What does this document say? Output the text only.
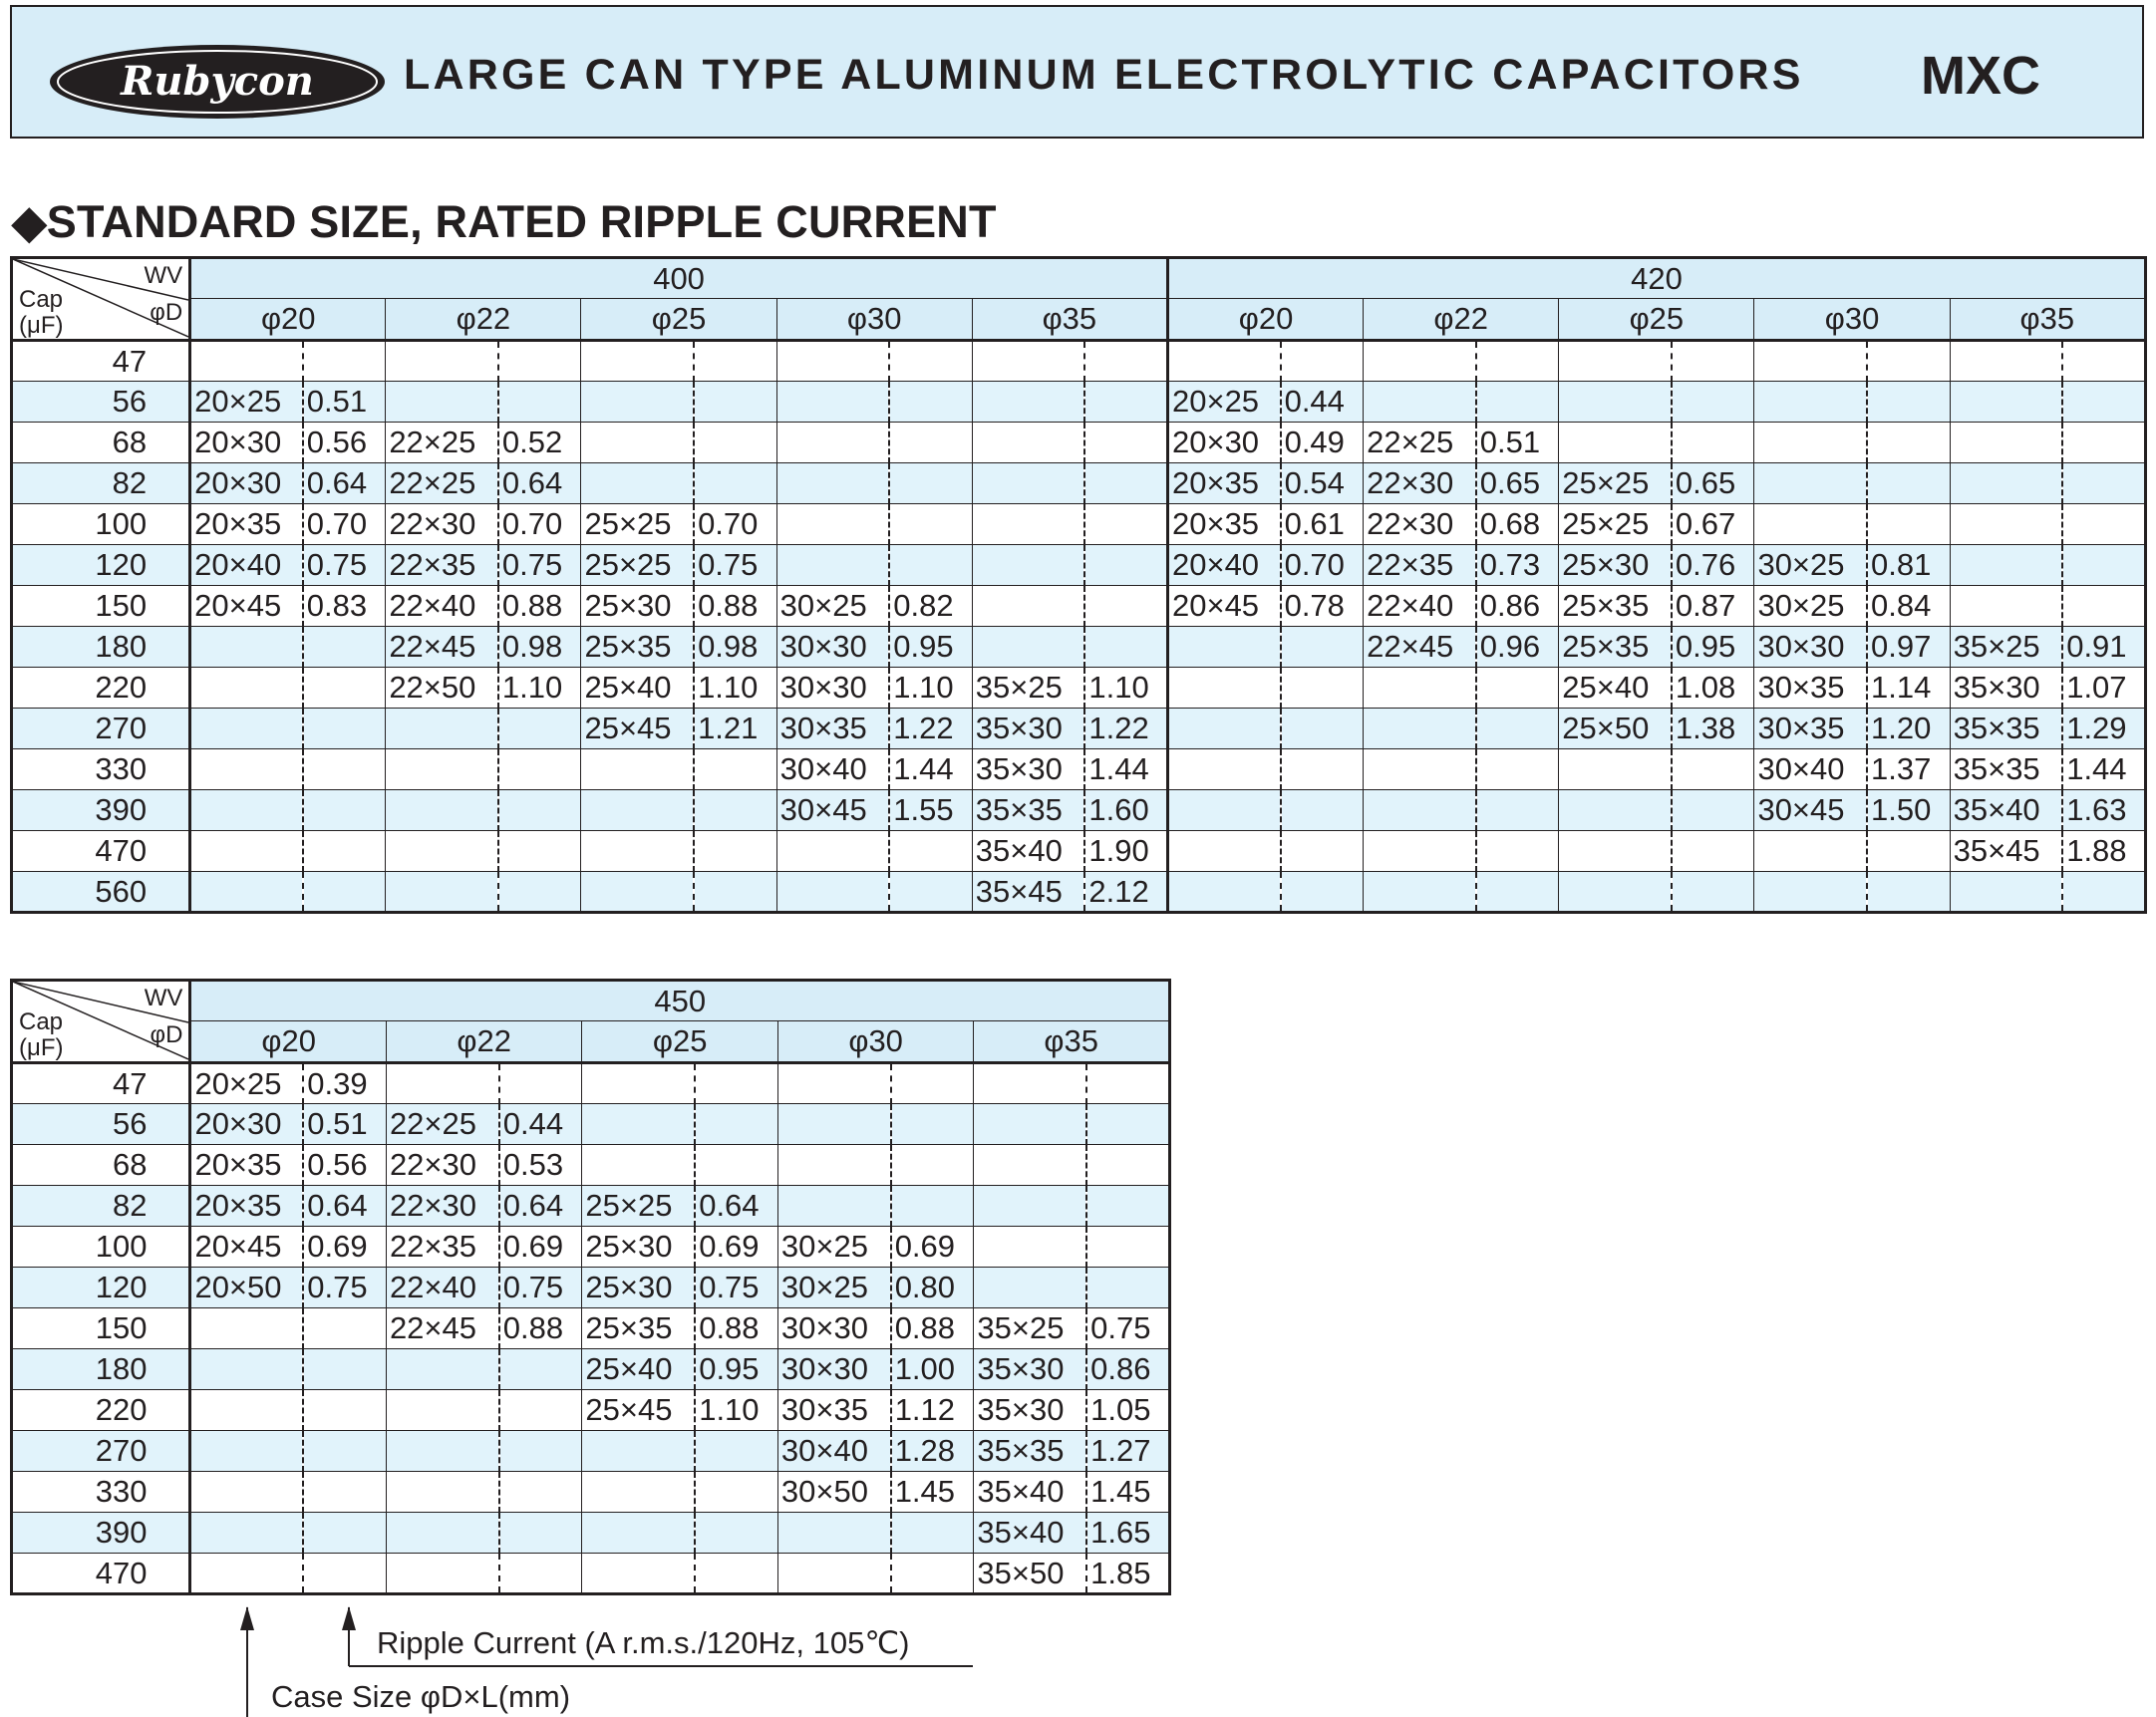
Rubycon LARGE CAN TYPE ALUMINUM ELECTROLYTIC CAPACITORS MXC
◆STANDARD SIZE, RATED RIPPLE CURRENT
WV
φD
Cap
(μF)	400										420									
	φ20		φ22		φ25		φ30		φ35		φ20		φ22		φ25		φ30		φ35	
47																				
56	20×25	0.51									20×25	0.44								
68	20×30	0.56	22×25	0.52							20×30	0.49	22×25	0.51						
82	20×30	0.64	22×25	0.64							20×35	0.54	22×30	0.65	25×25	0.65				
100	20×35	0.70	22×30	0.70	25×25	0.70					20×35	0.61	22×30	0.68	25×25	0.67				
120	20×40	0.75	22×35	0.75	25×25	0.75					20×40	0.70	22×35	0.73	25×30	0.76	30×25	0.81		
150	20×45	0.83	22×40	0.88	25×30	0.88	30×25	0.82			20×45	0.78	22×40	0.86	25×35	0.87	30×25	0.84		
180			22×45	0.98	25×35	0.98	30×30	0.95					22×45	0.96	25×35	0.95	30×30	0.97	35×25	0.91
220			22×50	1.10	25×40	1.10	30×30	1.10	35×25	1.10					25×40	1.08	30×35	1.14	35×30	1.07
270					25×45	1.21	30×35	1.22	35×30	1.22					25×50	1.38	30×35	1.20	35×35	1.29
330							30×40	1.44	35×30	1.44							30×40	1.37	35×35	1.44
390							30×45	1.55	35×35	1.60							30×45	1.50	35×40	1.63
470									35×40	1.90									35×45	1.88
560									35×45	2.12										
WV
φD
Cap
(μF)	450									
	φ20		φ22		φ25		φ30		φ35	
47	20×25	0.39								
56	20×30	0.51	22×25	0.44						
68	20×35	0.56	22×30	0.53						
82	20×35	0.64	22×30	0.64	25×25	0.64				
100	20×45	0.69	22×35	0.69	25×30	0.69	30×25	0.69		
120	20×50	0.75	22×40	0.75	25×30	0.75	30×25	0.80		
150			22×45	0.88	25×35	0.88	30×30	0.88	35×25	0.75
180					25×40	0.95	30×30	1.00	35×30	0.86
220					25×45	1.10	30×35	1.12	35×30	1.05
270							30×40	1.28	35×35	1.27
330							30×50	1.45	35×40	1.45
390									35×40	1.65
470									35×50	1.85
Ripple Current (A r.m.s./120Hz, 105℃)
Case Size φD×L(mm)
